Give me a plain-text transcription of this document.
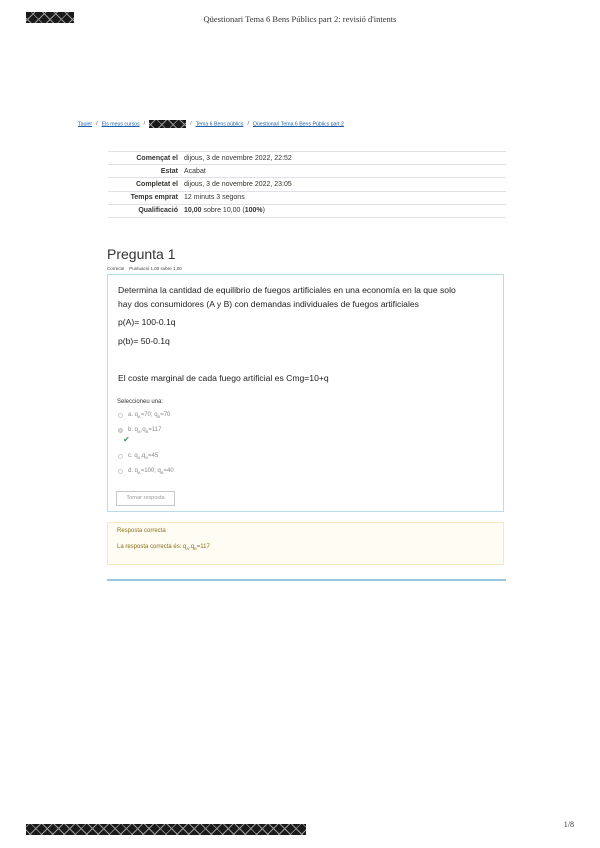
Qüestionari Tema 6 Bens Públics part 2: revisió d'intents
Tauler / Els meus cursos /	/ Tema 6 Bens públics / Qüestionari Tema 6 Bens Públics part 2
Començat el	dijous, 3 de novembre 2022, 22:52
Estat	Acabat
Completat el	dijous, 3 de novembre 2022, 23:05
Temps emprat	12 minuts 3 segons
Qualificació	10,00 sobre 10,00 (100%)
Pregunta 1
Correcte Puntuació 1,00 sobre 1,00
Determina la cantidad de equilibrio de fuegos artificiales en una economía en la que solo
hay dos consumidores (A y B) con demandas individuales de fuegos artificiales
p(A)= 100-0.1q
p(b)= 50-0.1q
El coste marginal de cada fuego artificial es Cmg=10+q
Seleccioneu una:
a. $q_A=70$; $q_B=70$
b. $q_A,q_B=117$
✔
c. $q_A,q_B=45$
d. $q_A=100$; $q_B=40$
Tornar resposta
Resposta correcta
La resposta correcta és: $q_A,q_B=117$
1/8
